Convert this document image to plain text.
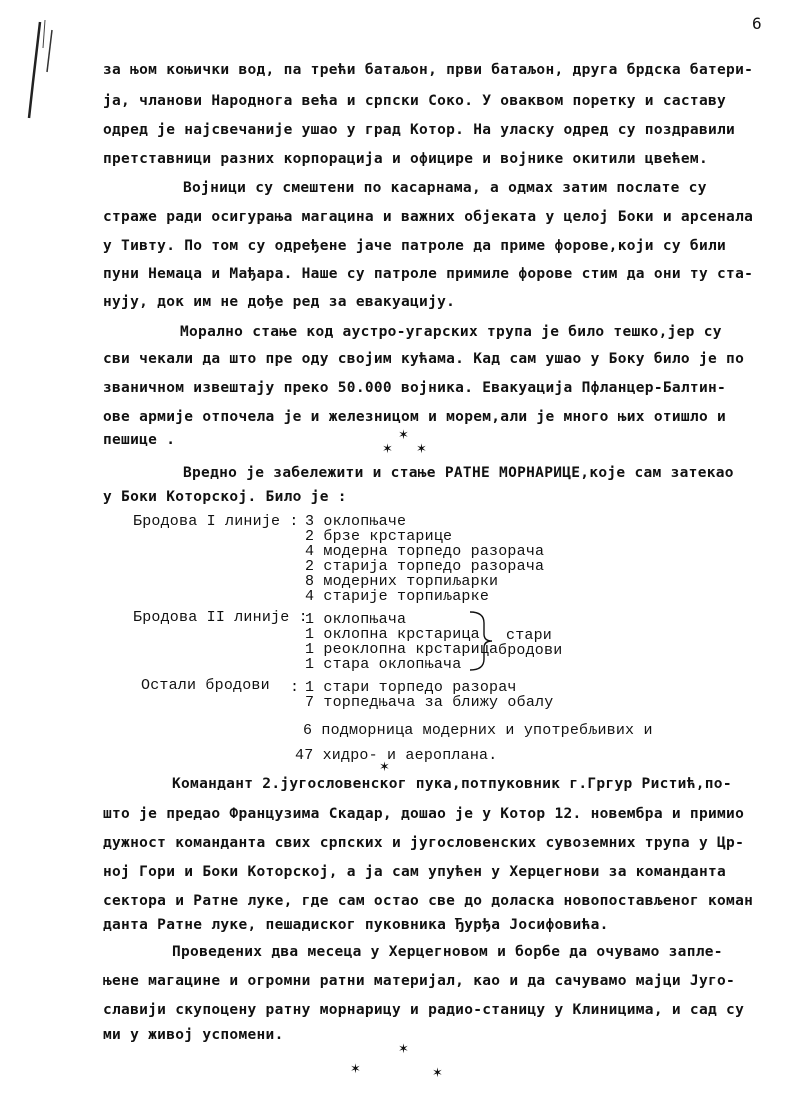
6
за њом коњички вод, па трећи батаљон, први батаљон, друга брдска батери-
ја, чланови Народнога већа и српски Соко. У оваквом поретку и саставу
одред је најсвечаније ушао у град Котор. На уласку одред су поздравили
претставници разних корпорација и официре и војнике окитили цвећем.
Војници су смештени по касарнама, а одмах затим послате су
страже ради осигурања магацина и важних објеката у целој Боки и арсенала
у Тивту. По том су одређене јаче патроле да приме форове,који су били
пуни Немаца и Мађара. Наше су патроле примиле форове стим да они ту ста-
нују, док им не дође ред за евакуацију.
Морално стање код аустро-угарских трупа је било тешко,јер су
сви чекали да што пре оду својим кућама. Кад сам ушао у Боку било је по
званичном извештају преко 50.000 војника. Евакуација Пфланцер-Балтин-
ове армије отпочела је и железницом и морем,али је много њих отишло и
пешице .	✶
✶ ✶
Вредно је забележити и стање РАТНЕ МОРНАРИЦЕ,које сам затекао
у Боки Которској. Било је :
Бродова I линије : 3 оклопњаче
2 брзе крстарице
4 модерна торпедо разорача
2 старија торпедо разорача
8 модерних торпиљарки
4 старије торпиљарке
Бродова II линије :
1 оклопњача
1 оклопна крстарица
1 реоклопна крстарица
1 стара оклопњача
стари
бродови
Остали бродови : 1 стари торпедо разорач
7 торпедњача за ближу обалу
6 подморница модерних и употребљивих и
47 хидро- и аероплана.
✶
Командант 2.југословенског пука,потпуковник г.Гргур Ристић,по-
што је предао Французима Скадар, дошао је у Котор 12. новембра и примио
дужност команданта свих српских и југословенских сувоземних трупа у Цр-
ној Гори и Боки Которској, а ја сам упућен у Херцегнови за команданта
сектора и Ратне луке, где сам остао све до доласка новопостављеног коман
данта Ратне луке, пешадиског пуковника Ђурђа Јосифовића.
Проведених два месеца у Херцегновом и борбе да очувамо запле-
њене магацине и огромни ратни материјал, као и да сачувамо мајци Југо-
славији скупоцену ратну морнарицу и радио-станицу у Клиницима, и сад су
ми у живој успомени.
✶
✶	✶
